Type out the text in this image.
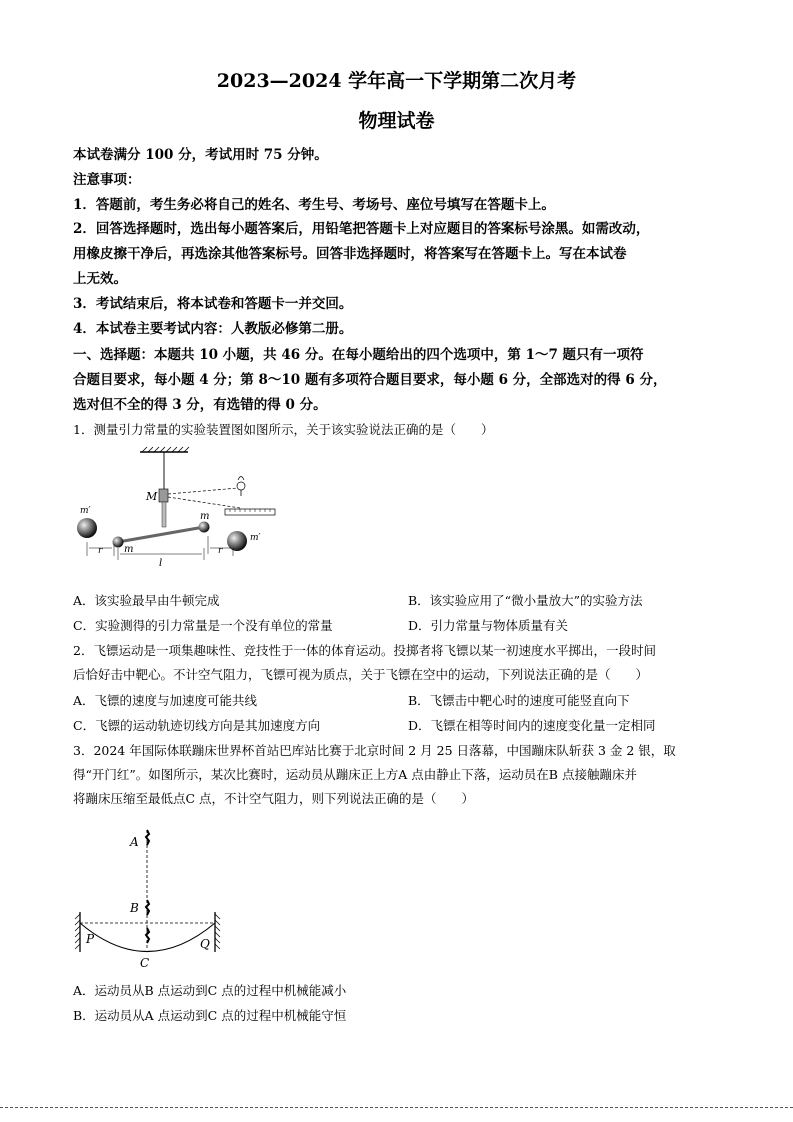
2023—2024 学年高一下学期第二次月考
物理试卷
本试卷满分 100 分，考试用时 75 分钟。
注意事项：
1．答题前，考生务必将自己的姓名、考生号、考场号、座位号填写在答题卡上。
2．回答选择题时，选出每小题答案后，用铅笔把答题卡上对应题目的答案标号涂黑。如需改动，
用橡皮擦干净后，再选涂其他答案标号。回答非选择题时，将答案写在答题卡上。写在本试卷
上无效。
3．考试结束后，将本试卷和答题卡一并交回。
4．本试卷主要考试内容：人教版必修第二册。
一、选择题：本题共 10 小题，共 46 分。在每小题给出的四个选项中，第 1～7 题只有一项符
合题目要求，每小题 4 分；第 8～10 题有多项符合题目要求，每小题 6 分，全部选对的得 6 分，
选对但不全的得 3 分，有选错的得 0 分。
1．测量引力常量的实验装置图如图所示，关于该实验说法正确的是（　　）
M
m
m
m′
m′
r	r
l
A．该实验最早由牛顿完成	B．该实验应用了“微小量放大”的实验方法
C．实验测得的引力常量是一个没有单位的常量	D．引力常量与物体质量有关
2．飞镖运动是一项集趣味性、竞技性于一体的体育运动。投掷者将飞镖以某一初速度水平掷出，一段时间
后恰好击中靶心。不计空气阻力，飞镖可视为质点，关于飞镖在空中的运动，下列说法正确的是（　　）
A．飞镖的速度与加速度可能共线	B．飞镖击中靶心时的速度可能竖直向下
C．飞镖的运动轨迹切线方向是其加速度方向	D．飞镖在相等时间内的速度变化量一定相同
3．2024 年国际体联蹦床世界杯首站巴库站比赛于北京时间 2 月 25 日落幕，中国蹦床队斩获 3 金 2 银，取
得“开门红”。如图所示，某次比赛时，运动员从蹦床正上方A 点由静止下落，运动员在B 点接触蹦床并
将蹦床压缩至最低点C 点，不计空气阻力，则下列说法正确的是（　　）
A
B
C
P	Q
A．运动员从B 点运动到C 点的过程中机械能减小
B．运动员从A 点运动到C 点的过程中机械能守恒
